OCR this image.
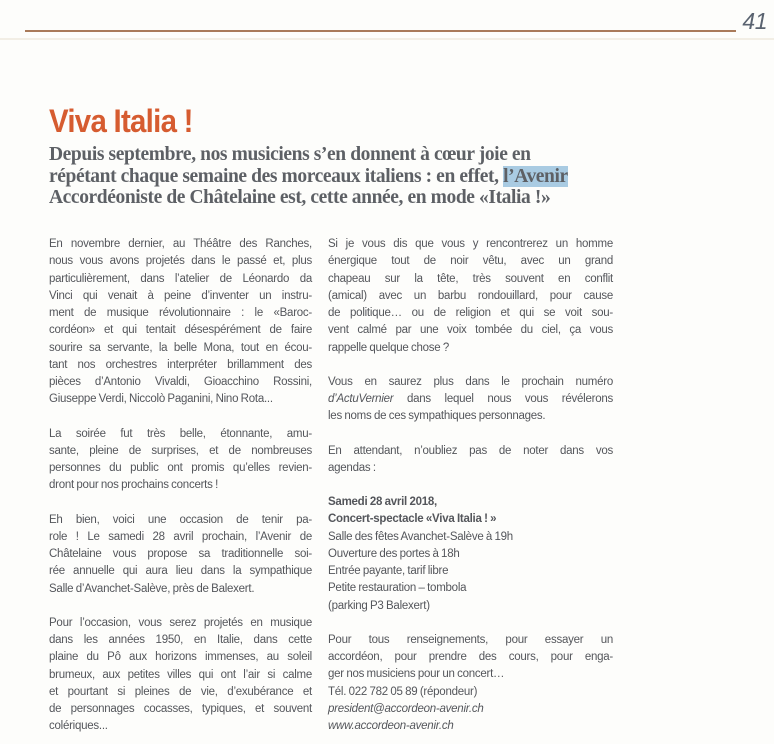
41
Viva Italia !
Depuis septembre, nos musiciens s’en donnent à cœur joie en
répétant chaque semaine des morceaux italiens : en effet, l’Avenir
Accordéoniste de Châtelaine est, cette année, en mode «Italia !»
En novembre dernier, au Théâtre des Ranches,
nous vous avons projetés dans le passé et, plus
particulièrement, dans l’atelier de Léonardo da
Vinci qui venait à peine d’inventer un instru-
ment de musique révolutionnaire : le «Baroc-
cordéon» et qui tentait désespérément de faire
sourire sa servante, la belle Mona, tout en écou-
tant nos orchestres interpréter brillamment des
pièces d’Antonio Vivaldi, Gioacchino Rossini,
Giuseppe Verdi, Niccolò Paganini, Nino Rota...
La soirée fut très belle, étonnante, amu-
sante, pleine de surprises, et de nombreuses
personnes du public ont promis qu’elles revien-
dront pour nos prochains concerts !
Eh bien, voici une occasion de tenir pa-
role ! Le samedi 28 avril prochain, l’Avenir de
Châtelaine vous propose sa traditionnelle soi-
rée annuelle qui aura lieu dans la sympathique
Salle d’Avanchet-Salève, près de Balexert.
Pour l’occasion, vous serez projetés en musique
dans les années 1950, en Italie, dans cette
plaine du Pô aux horizons immenses, au soleil
brumeux, aux petites villes qui ont l’air si calme
et pourtant si pleines de vie, d’exubérance et
de personnages cocasses, typiques, et souvent
colériques...
Si je vous dis que vous y rencontrerez un homme
énergique tout de noir vêtu, avec un grand
chapeau sur la tête, très souvent en conflit
(amical) avec un barbu rondouillard, pour cause
de politique… ou de religion et qui se voit sou-
vent calmé par une voix tombée du ciel, ça vous
rappelle quelque chose ?
Vous en saurez plus dans le prochain numéro
d’ActuVernier dans lequel nous vous révélerons
les noms de ces sympathiques personnages.
En attendant, n’oubliez pas de noter dans vos
agendas :
Samedi 28 avril 2018,
Concert-spectacle «Viva Italia ! »
Salle des fêtes Avanchet-Salève à 19h
Ouverture des portes à 18h
Entrée payante, tarif libre
Petite restauration – tombola
(parking P3 Balexert)
Pour tous renseignements, pour essayer un
accordéon, pour prendre des cours, pour enga-
ger nos musiciens pour un concert…
Tél. 022 782 05 89 (répondeur)
president@accordeon-avenir.ch
www.accordeon-avenir.ch
